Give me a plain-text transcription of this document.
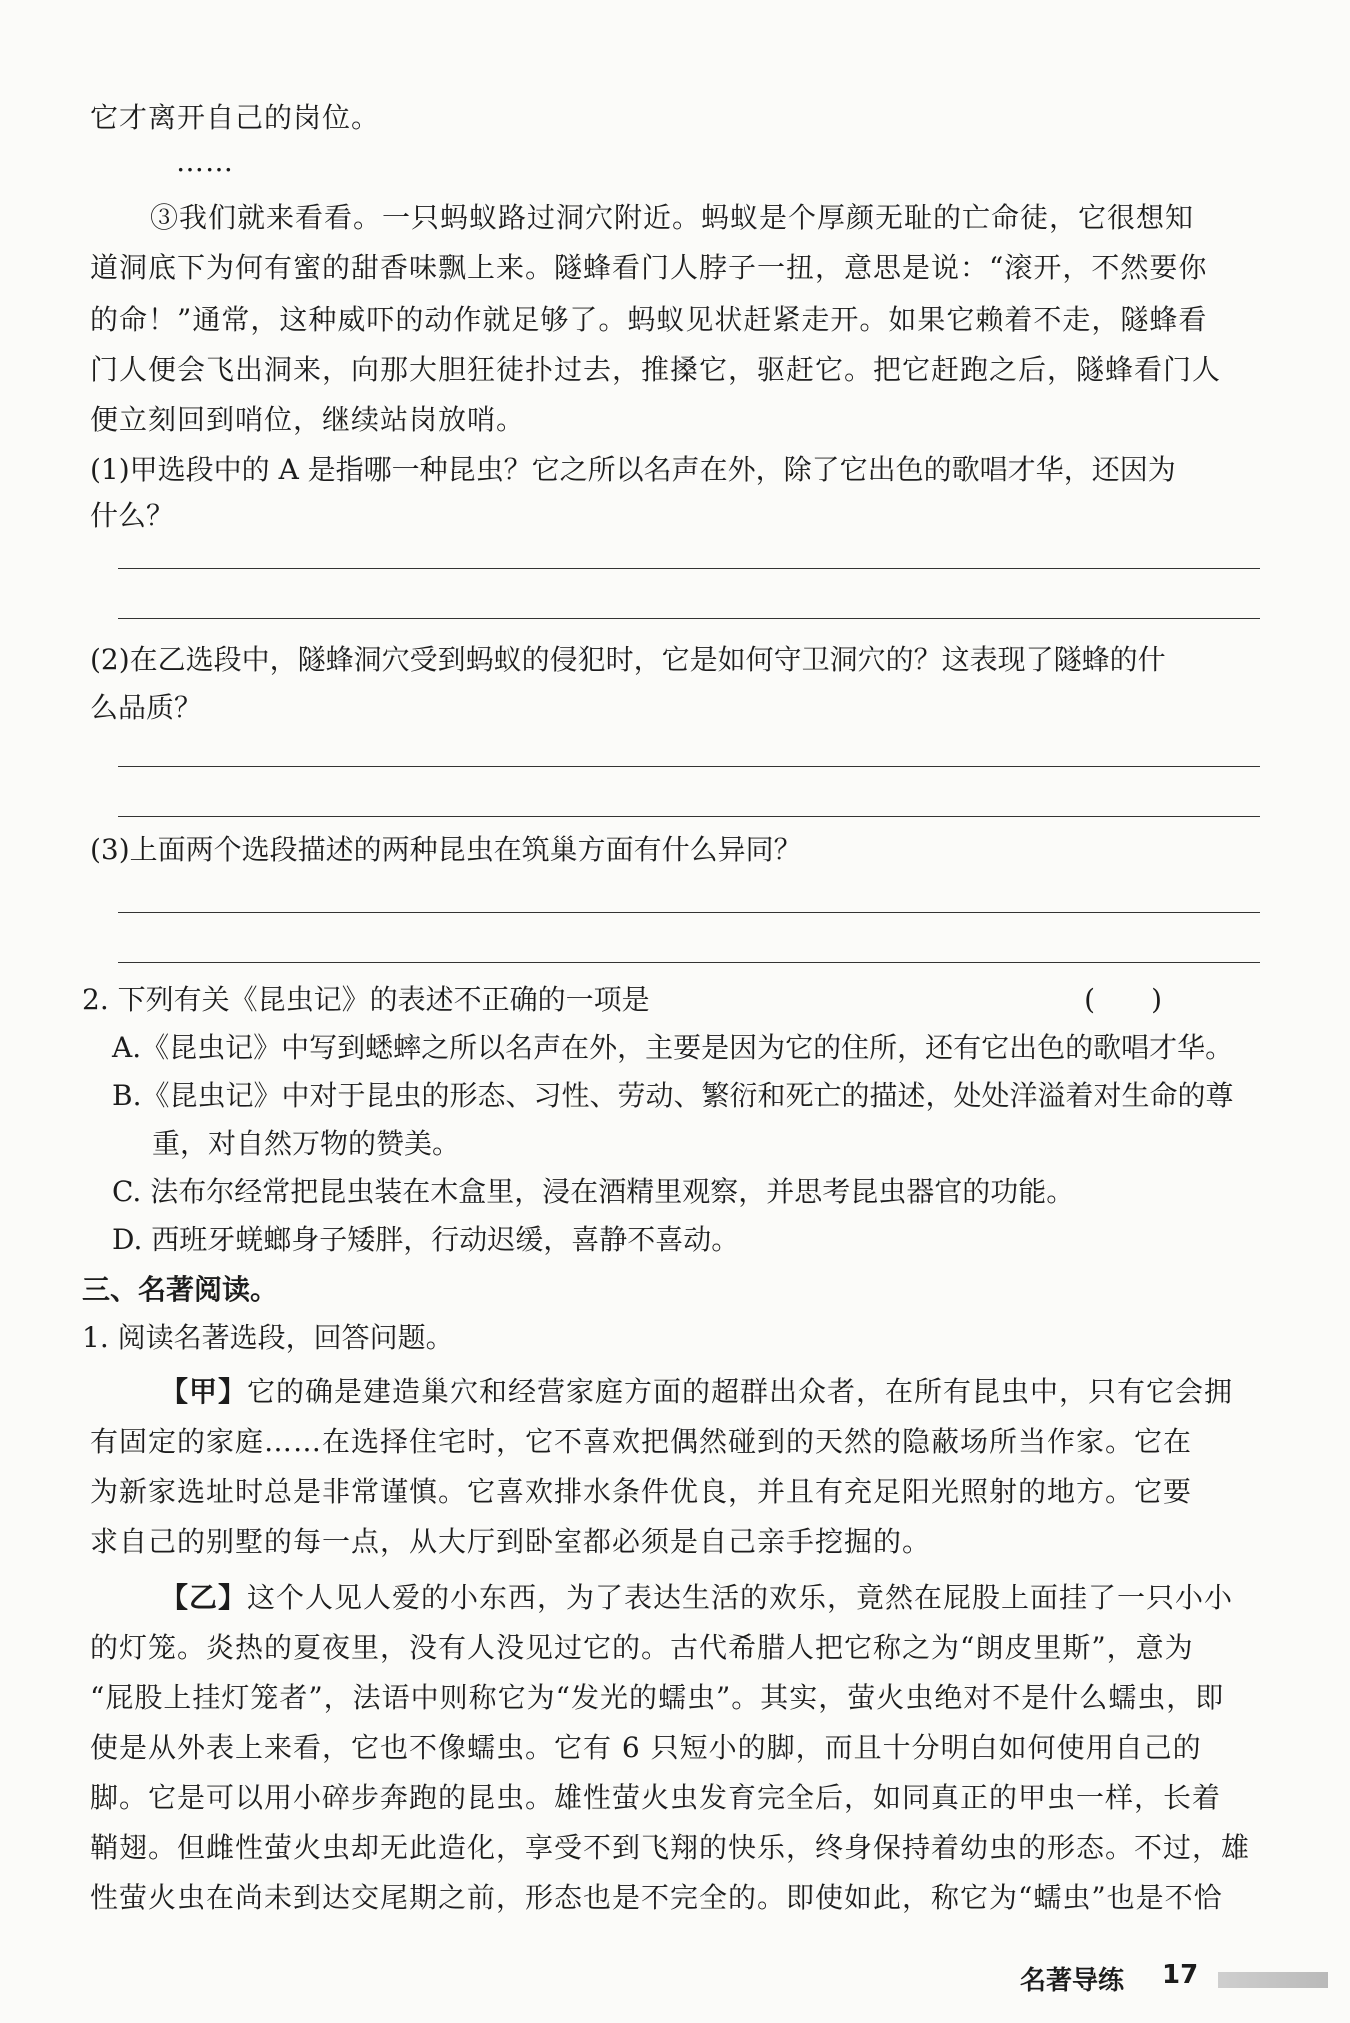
它才离开自己的岗位。
……
③我们就来看看。一只蚂蚁路过洞穴附近。蚂蚁是个厚颜无耻的亡命徒，它很想知
道洞底下为何有蜜的甜香味飘上来。隧蜂看门人脖子一扭，意思是说：“滚开，不然要你
的命！”通常，这种威吓的动作就足够了。蚂蚁见状赶紧走开。如果它赖着不走，隧蜂看
门人便会飞出洞来，向那大胆狂徒扑过去，推搡它，驱赶它。把它赶跑之后，隧蜂看门人
便立刻回到哨位，继续站岗放哨。
(1)甲选段中的 A 是指哪一种昆虫？它之所以名声在外，除了它出色的歌唱才华，还因为
什么？
(2)在乙选段中，隧蜂洞穴受到蚂蚁的侵犯时，它是如何守卫洞穴的？这表现了隧蜂的什
么品质？
(3)上面两个选段描述的两种昆虫在筑巢方面有什么异同？
2. 下列有关《昆虫记》的表述不正确的一项是	(　　)
A.《昆虫记》中写到蟋蟀之所以名声在外，主要是因为它的住所，还有它出色的歌唱才华。
B.《昆虫记》中对于昆虫的形态、习性、劳动、繁衍和死亡的描述，处处洋溢着对生命的尊
重，对自然万物的赞美。
C. 法布尔经常把昆虫装在木盒里，浸在酒精里观察，并思考昆虫器官的功能。
D. 西班牙蜣螂身子矮胖，行动迟缓，喜静不喜动。
三、名著阅读。
1. 阅读名著选段，回答问题。
【甲】它的确是建造巢穴和经营家庭方面的超群出众者，在所有昆虫中，只有它会拥
有固定的家庭……在选择住宅时，它不喜欢把偶然碰到的天然的隐蔽场所当作家。它在
为新家选址时总是非常谨慎。它喜欢排水条件优良，并且有充足阳光照射的地方。它要
求自己的别墅的每一点，从大厅到卧室都必须是自己亲手挖掘的。
【乙】这个人见人爱的小东西，为了表达生活的欢乐，竟然在屁股上面挂了一只小小
的灯笼。炎热的夏夜里，没有人没见过它的。古代希腊人把它称之为“朗皮里斯”，意为
“屁股上挂灯笼者”，法语中则称它为“发光的蠕虫”。其实，萤火虫绝对不是什么蠕虫，即
使是从外表上来看，它也不像蠕虫。它有 6 只短小的脚，而且十分明白如何使用自己的
脚。它是可以用小碎步奔跑的昆虫。雄性萤火虫发育完全后，如同真正的甲虫一样，长着
鞘翅。但雌性萤火虫却无此造化，享受不到飞翔的快乐，终身保持着幼虫的形态。不过，雄
性萤火虫在尚未到达交尾期之前，形态也是不完全的。即使如此，称它为“蠕虫”也是不恰
名著导练 17
